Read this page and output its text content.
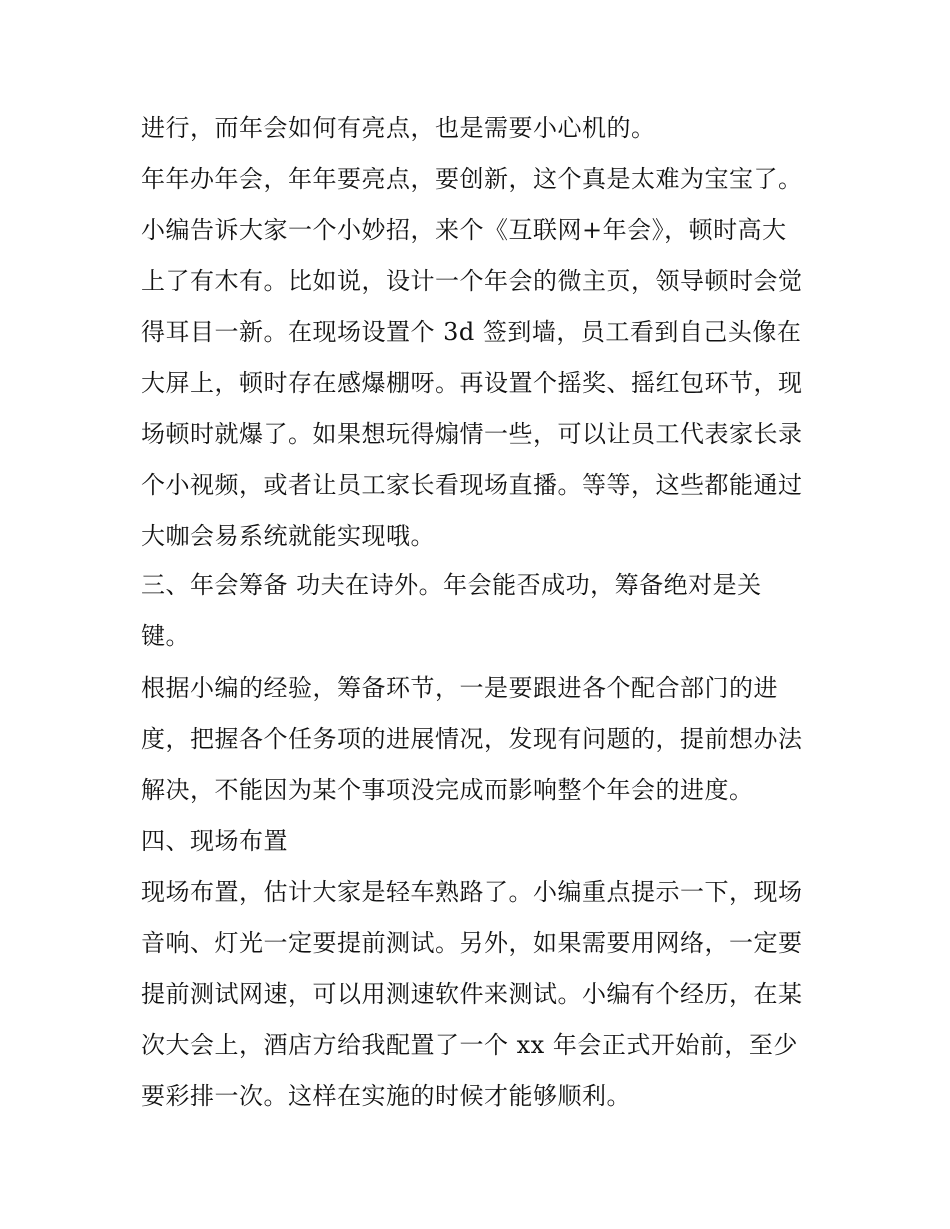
进行，而年会如何有亮点，也是需要小心机的。
年年办年会，年年要亮点，要创新，这个真是太难为宝宝了。
小编告诉大家一个小妙招，来个《互联网+年会》，顿时高大
上了有木有。比如说，设计一个年会的微主页，领导顿时会觉
得耳目一新。在现场设置个 3d 签到墙，员工看到自己头像在
大屏上，顿时存在感爆棚呀。再设置个摇奖、摇红包环节，现
场顿时就爆了。如果想玩得煽情一些，可以让员工代表家长录
个小视频，或者让员工家长看现场直播。等等，这些都能通过
大咖会易系统就能实现哦。
三、年会筹备 功夫在诗外。年会能否成功，筹备绝对是关
键。
根据小编的经验，筹备环节，一是要跟进各个配合部门的进
度，把握各个任务项的进展情况，发现有问题的，提前想办法
解决，不能因为某个事项没完成而影响整个年会的进度。
四、现场布置
现场布置，估计大家是轻车熟路了。小编重点提示一下，现场
音响、灯光一定要提前测试。另外，如果需要用网络，一定要
提前测试网速，可以用测速软件来测试。小编有个经历，在某
次大会上，酒店方给我配置了一个 xx 年会正式开始前，至少
要彩排一次。这样在实施的时候才能够顺利。
